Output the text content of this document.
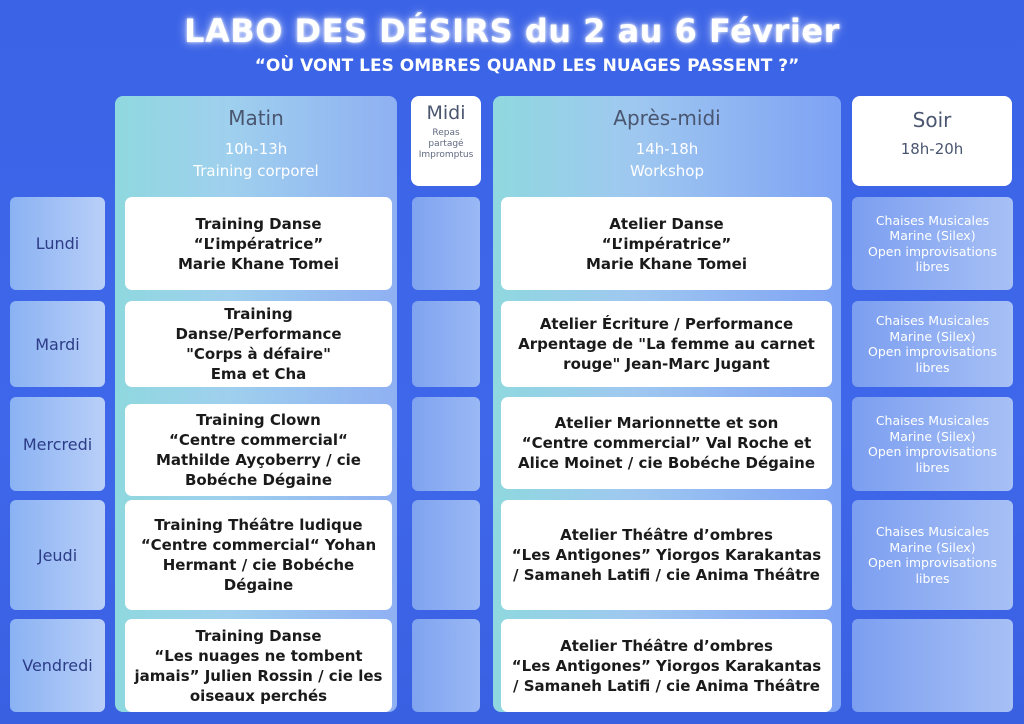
LABO DES DÉSIRS du 2 au 6 Février
“OÙ VONT LES OMBRES QUAND LES NUAGES PASSENT ?”
Matin
10h-13h
Training corporel
Midi
Repas
partagé
Impromptus
Après-midi
14h-18h
Workshop
Soir
18h-20h
Lundi
Training Danse
“L’impératrice”
Marie Khane Tomei
Atelier Danse
“L’impératrice”
Marie Khane Tomei
Chaises Musicales
Marine (Silex)
Open improvisations
libres
Mardi
Training
Danse/Performance
"Corps à défaire"
Ema et Cha
Atelier Écriture / Performance
Arpentage de "La femme au carnet
rouge" Jean-Marc Jugant
Chaises Musicales
Marine (Silex)
Open improvisations
libres
Mercredi
Training Clown
“Centre commercial“
Mathilde Ayçoberry / cie
Bobéche Dégaine
Atelier Marionnette et son
“Centre commercial” Val Roche et
Alice Moinet / cie Bobéche Dégaine
Chaises Musicales
Marine (Silex)
Open improvisations
libres
Jeudi
Training Théâtre ludique
“Centre commercial“ Yohan
Hermant / cie Bobéche
Dégaine
Atelier Théâtre d’ombres
“Les Antigones” Yiorgos Karakantas
/ Samaneh Latifi / cie Anima Théâtre
Chaises Musicales
Marine (Silex)
Open improvisations
libres
Vendredi
Training Danse
“Les nuages ne tombent
jamais” Julien Rossin / cie les
oiseaux perchés
Atelier Théâtre d’ombres
“Les Antigones” Yiorgos Karakantas
/ Samaneh Latifi / cie Anima Théâtre
